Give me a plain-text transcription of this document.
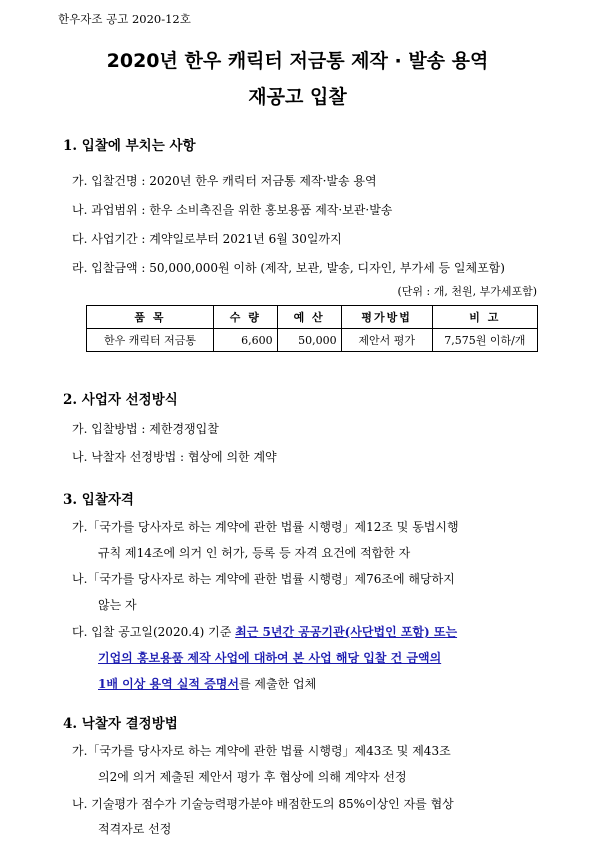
한우자조 공고 2020-12호
2020년 한우 캐릭터 저금통 제작 · 발송 용역
재공고 입찰
1. 입찰에 부치는 사항
가. 입찰건명 : 2020년 한우 캐릭터 저금통 제작·발송 용역
나. 과업범위 : 한우 소비촉진을 위한 홍보용품 제작·보관·발송
다. 사업기간 : 계약일로부터 2021년 6월 30일까지
라. 입찰금액 : 50,000,000원 이하 (제작, 보관, 발송, 디자인, 부가세 등 일체포함)
(단위 : 개, 천원, 부가세포함)
품 목	수 량	예 산	평가방법	비 고
한우 캐릭터 저금통	6,600	50,000	제안서 평가	7,575원 이하/개
2. 사업자 선정방식
가. 입찰방법 : 제한경쟁입찰
나. 낙찰자 선정방법 : 협상에 의한 계약
3. 입찰자격
가.「국가를 당사자로 하는 계약에 관한 법률 시행령」제12조 및 동법시행
규칙 제14조에 의거 인 허가, 등록 등 자격 요건에 적합한 자
나.「국가를 당사자로 하는 계약에 관한 법률 시행령」제76조에 해당하지
않는 자
다. 입찰 공고일(2020.4) 기준 최근 5년간 공공기관(사단법인 포함) 또는
기업의 홍보용품 제작 사업에 대하여 본 사업 해당 입찰 건 금액의
1배 이상 용역 실적 증명서를 제출한 업체
4. 낙찰자 결정방법
가.「국가를 당사자로 하는 계약에 관한 법률 시행령」제43조 및 제43조
의2에 의거 제출된 제안서 평가 후 협상에 의해 계약자 선정
나. 기술평가 점수가 기술능력평가분야 배점한도의 85%이상인 자를 협상
적격자로 선정
